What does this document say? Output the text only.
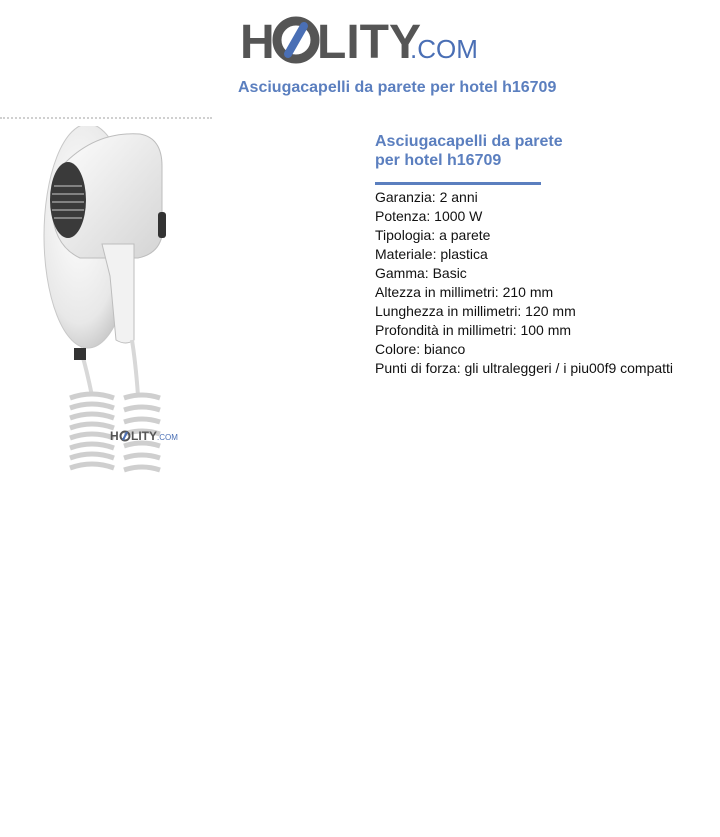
H LITY
.COM
Asciugacapelli da parete per hotel h16709
H LITY .COM
Asciugacapelli da parete per hotel h16709
Garanzia: 2 anni
Potenza: 1000 W
Tipologia: a parete
Materiale: plastica
Gamma: Basic
Altezza in millimetri: 210 mm
Lunghezza in millimetri: 120 mm
Profondità in millimetri: 100 mm
Colore: bianco
Punti di forza: gli ultraleggeri / i piu00f9 compatti
